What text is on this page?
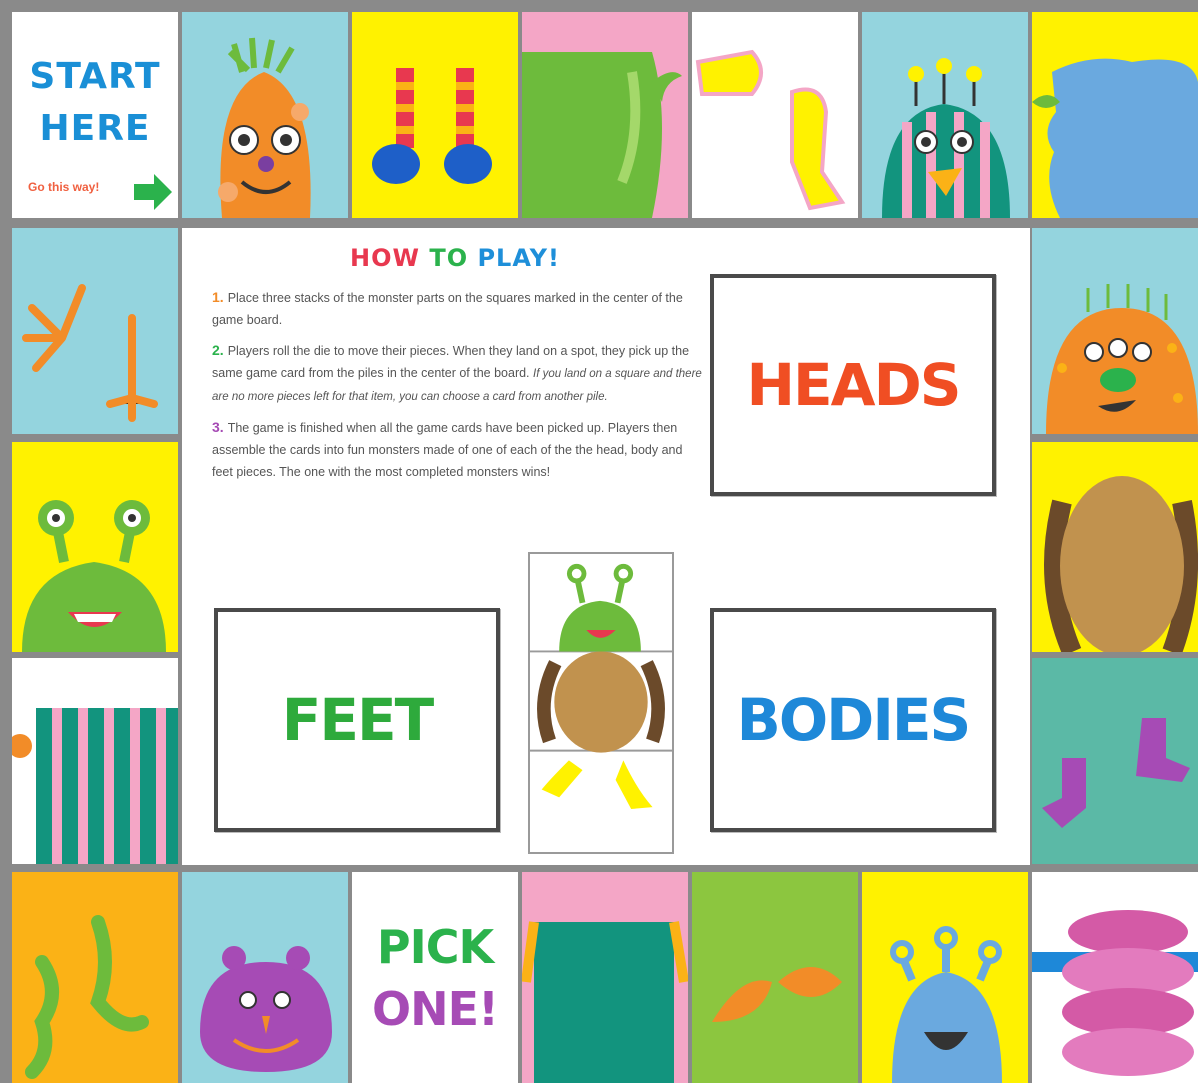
START
HERE
Go this way!
PICK
ONE!
HOW TO PLAY!

1. Place three stacks of the monster parts on the squares marked in the center of the game board.

2. Players roll the die to move their pieces. When they land on a spot, they pick up the same game card from the piles in the center of the board. If you land on a square and there are no more pieces left for that item, you can choose a card from another pile.

3. The game is finished when all the game cards have been picked up. Players then assemble the cards into fun monsters made of one of each of the the head, body and feet pieces. The one with the most completed monsters wins!

HEADS
FEET	BODIES
